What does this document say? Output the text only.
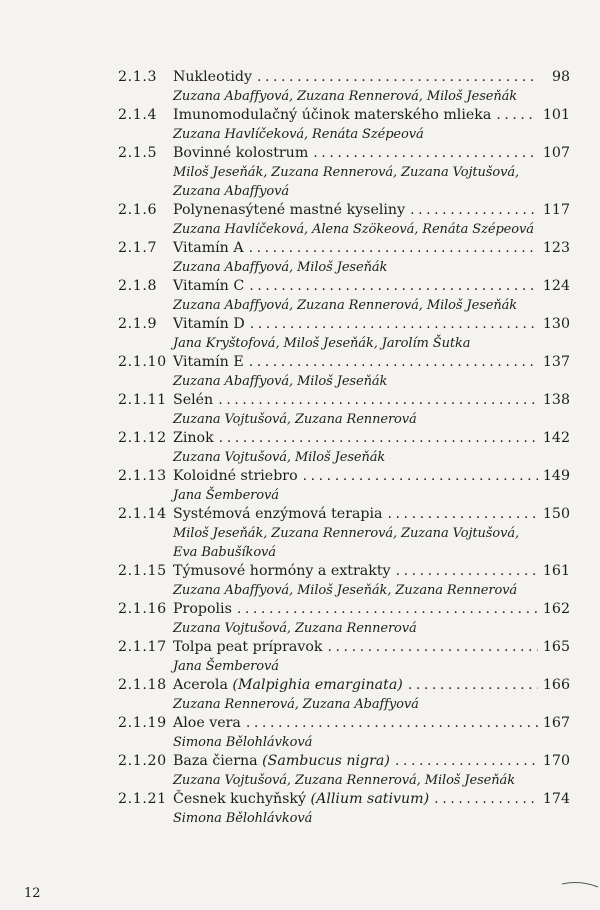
2.1.3	Nukleotidy . . .	98
Zuzana Abaffyová, Zuzana Rennerová, Miloš Jeseňák
2.1.4	Imunomodulačný účinok materského mlieka . . .	101
Zuzana Havlíčeková, Renáta Szépeová
2.1.5	Bovinné kolostrum . . .	107
Miloš Jeseňák, Zuzana Rennerová, Zuzana Vojtušová,
Zuzana Abaffyová
2.1.6	Polynenasýtené mastné kyseliny . . .	117
Zuzana Havlíčeková, Alena Szökeová, Renáta Szépeová
2.1.7	Vitamín A . . .	123
Zuzana Abaffyová, Miloš Jeseňák
2.1.8	Vitamín C . . .	124
Zuzana Abaffyová, Zuzana Rennerová, Miloš Jeseňák
2.1.9	Vitamín D . . .	130
Jana Kryštofová, Miloš Jeseňák, Jarolím Šutka
2.1.10 Vitamín E . . .	137
Zuzana Abaffyová, Miloš Jeseňák
2.1.11 Selén . . .	138
Zuzana Vojtušová, Zuzana Rennerová
2.1.12 Zinok . . .	142
Zuzana Vojtušová, Miloš Jeseňák
2.1.13 Koloidné striebro . . .	149
Jana Šemberová
2.1.14 Systémová enzýmová terapia . . .	150
Miloš Jeseňák, Zuzana Rennerová, Zuzana Vojtušová,
Eva Babušíková
2.1.15 Týmusové hormóny a extrakty . . .	161
Zuzana Abaffyová, Miloš Jeseňák, Zuzana Rennerová
2.1.16 Propolis . . .	162
Zuzana Vojtušová, Zuzana Rennerová
2.1.17 Tolpa peat prípravok . . .	165
Jana Šemberová
2.1.18 Acerola (Malpighia emarginata) . . .	166
Zuzana Rennerová, Zuzana Abaffyová
2.1.19 Aloe vera . . .	167
Simona Bělohlávková
2.1.20 Baza čierna (Sambucus nigra) . . .	170
Zuzana Vojtušová, Zuzana Rennerová, Miloš Jeseňák
2.1.21 Česnek kuchyňský (Allium sativum) . . .	174
Simona Bělohlávková
12
